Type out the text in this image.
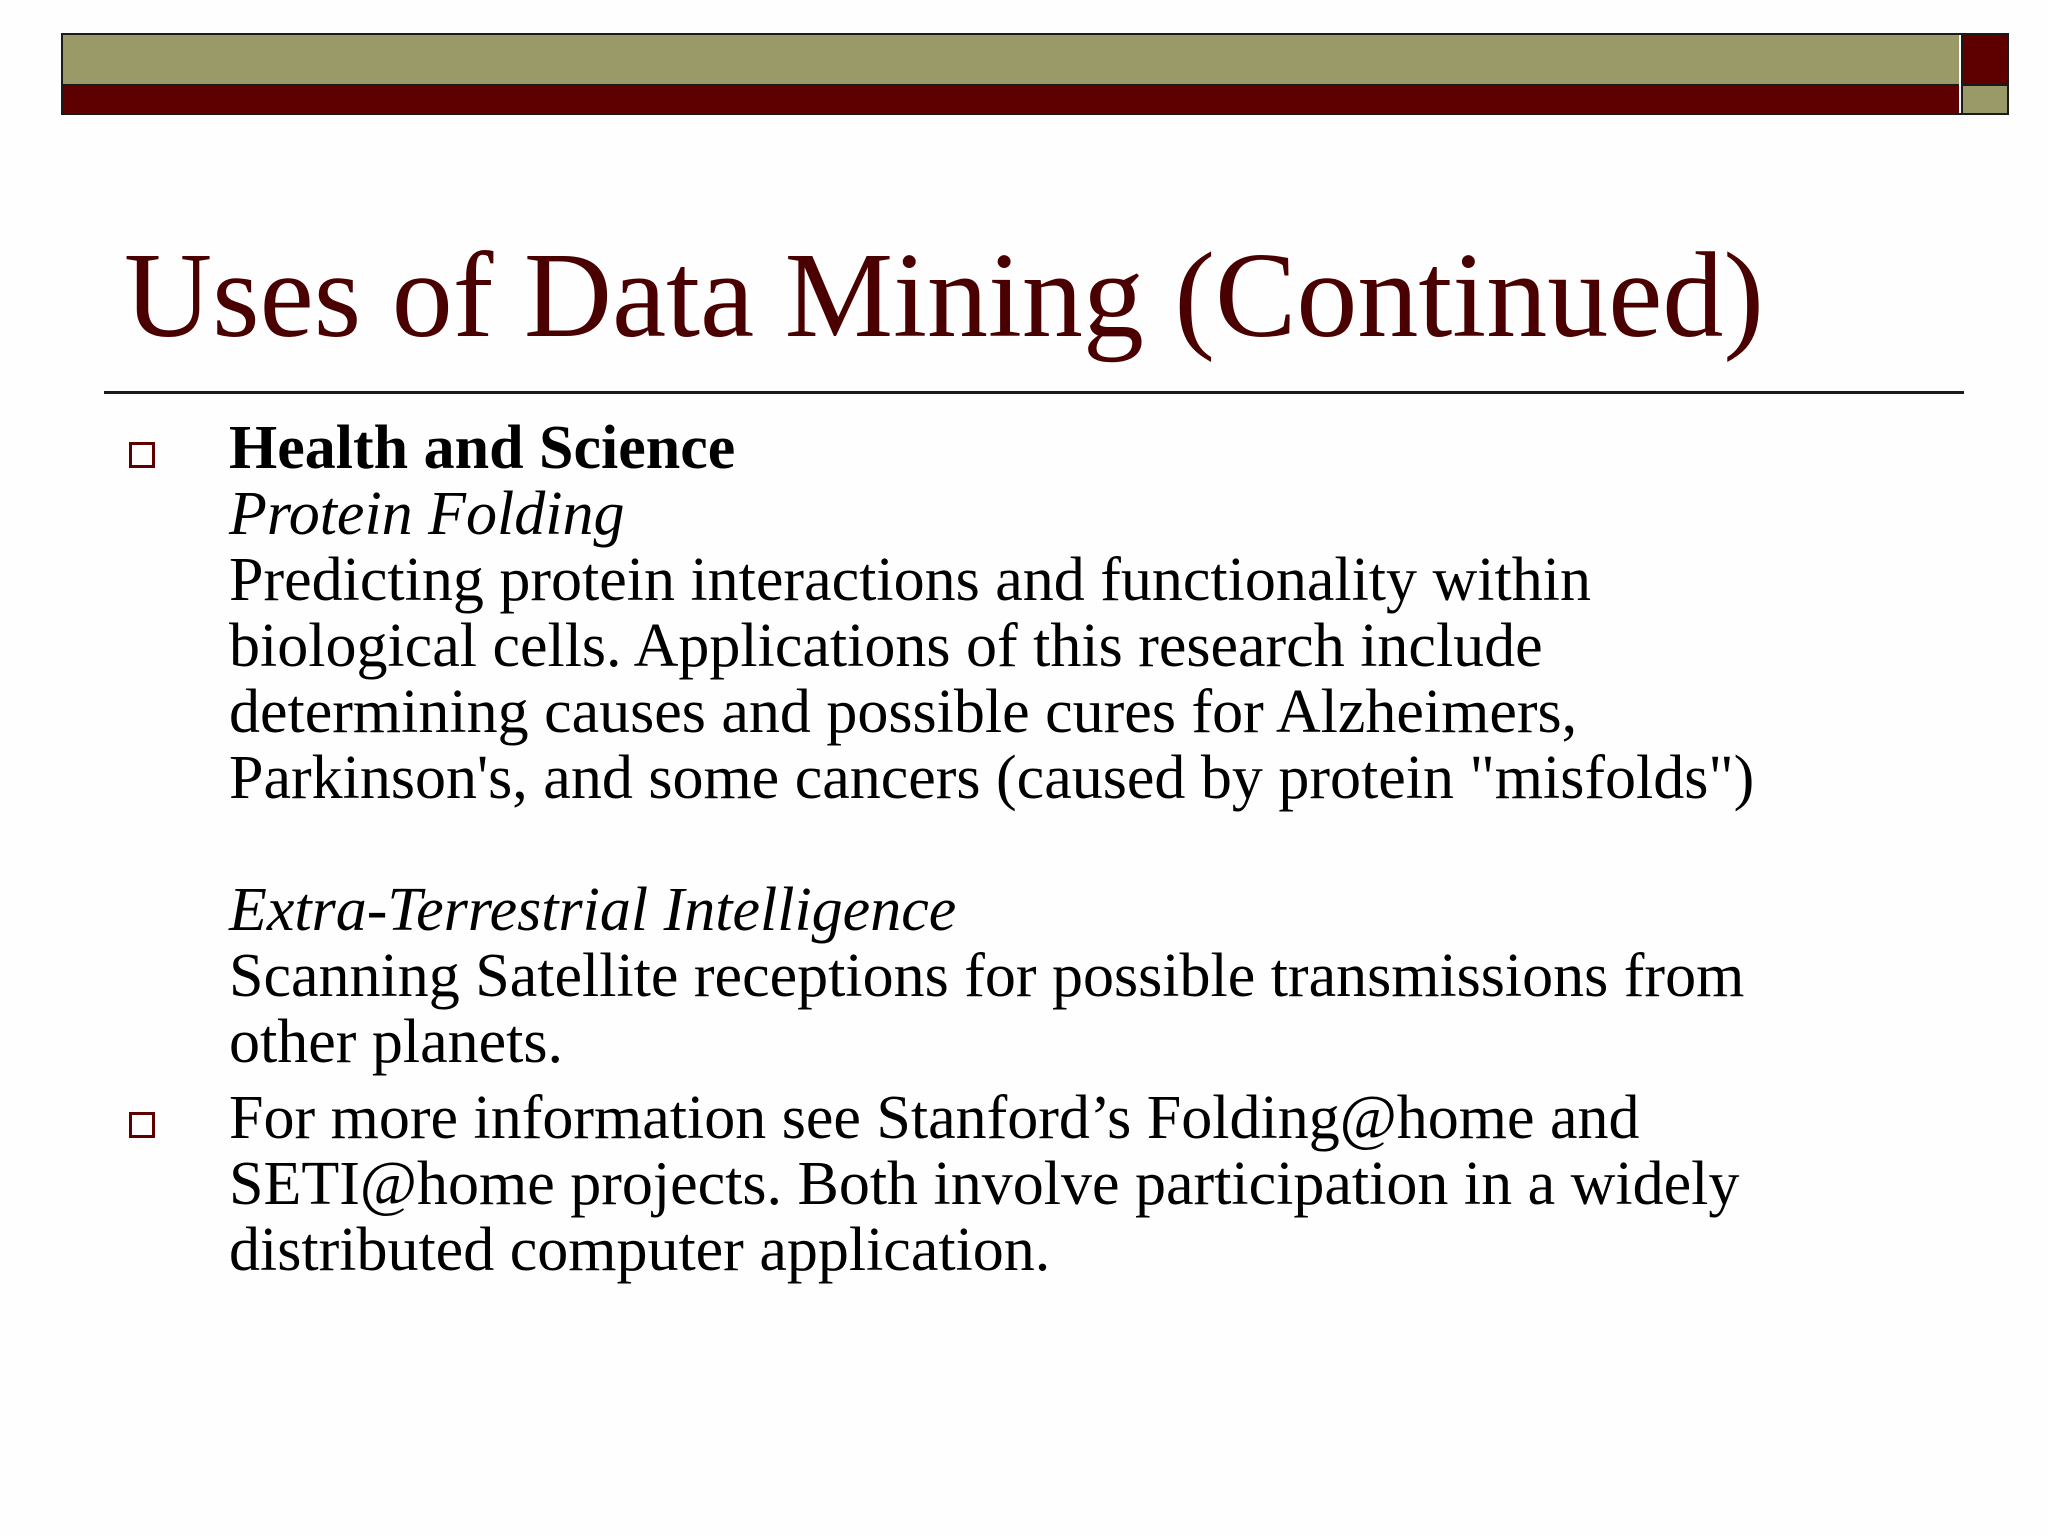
Uses of Data Mining (Continued)

Health and Science

Protein Folding

Predicting protein interactions and functionality within

biological cells. Applications of this research include

determining causes and possible cures for Alzheimers,

Parkinson's, and some cancers (caused by protein "misfolds")

Extra-Terrestrial Intelligence

Scanning Satellite receptions for possible transmissions from

other planets.

For more information see Stanford’s Folding@home and

SETI@home projects. Both involve participation in a widely

distributed computer application.
